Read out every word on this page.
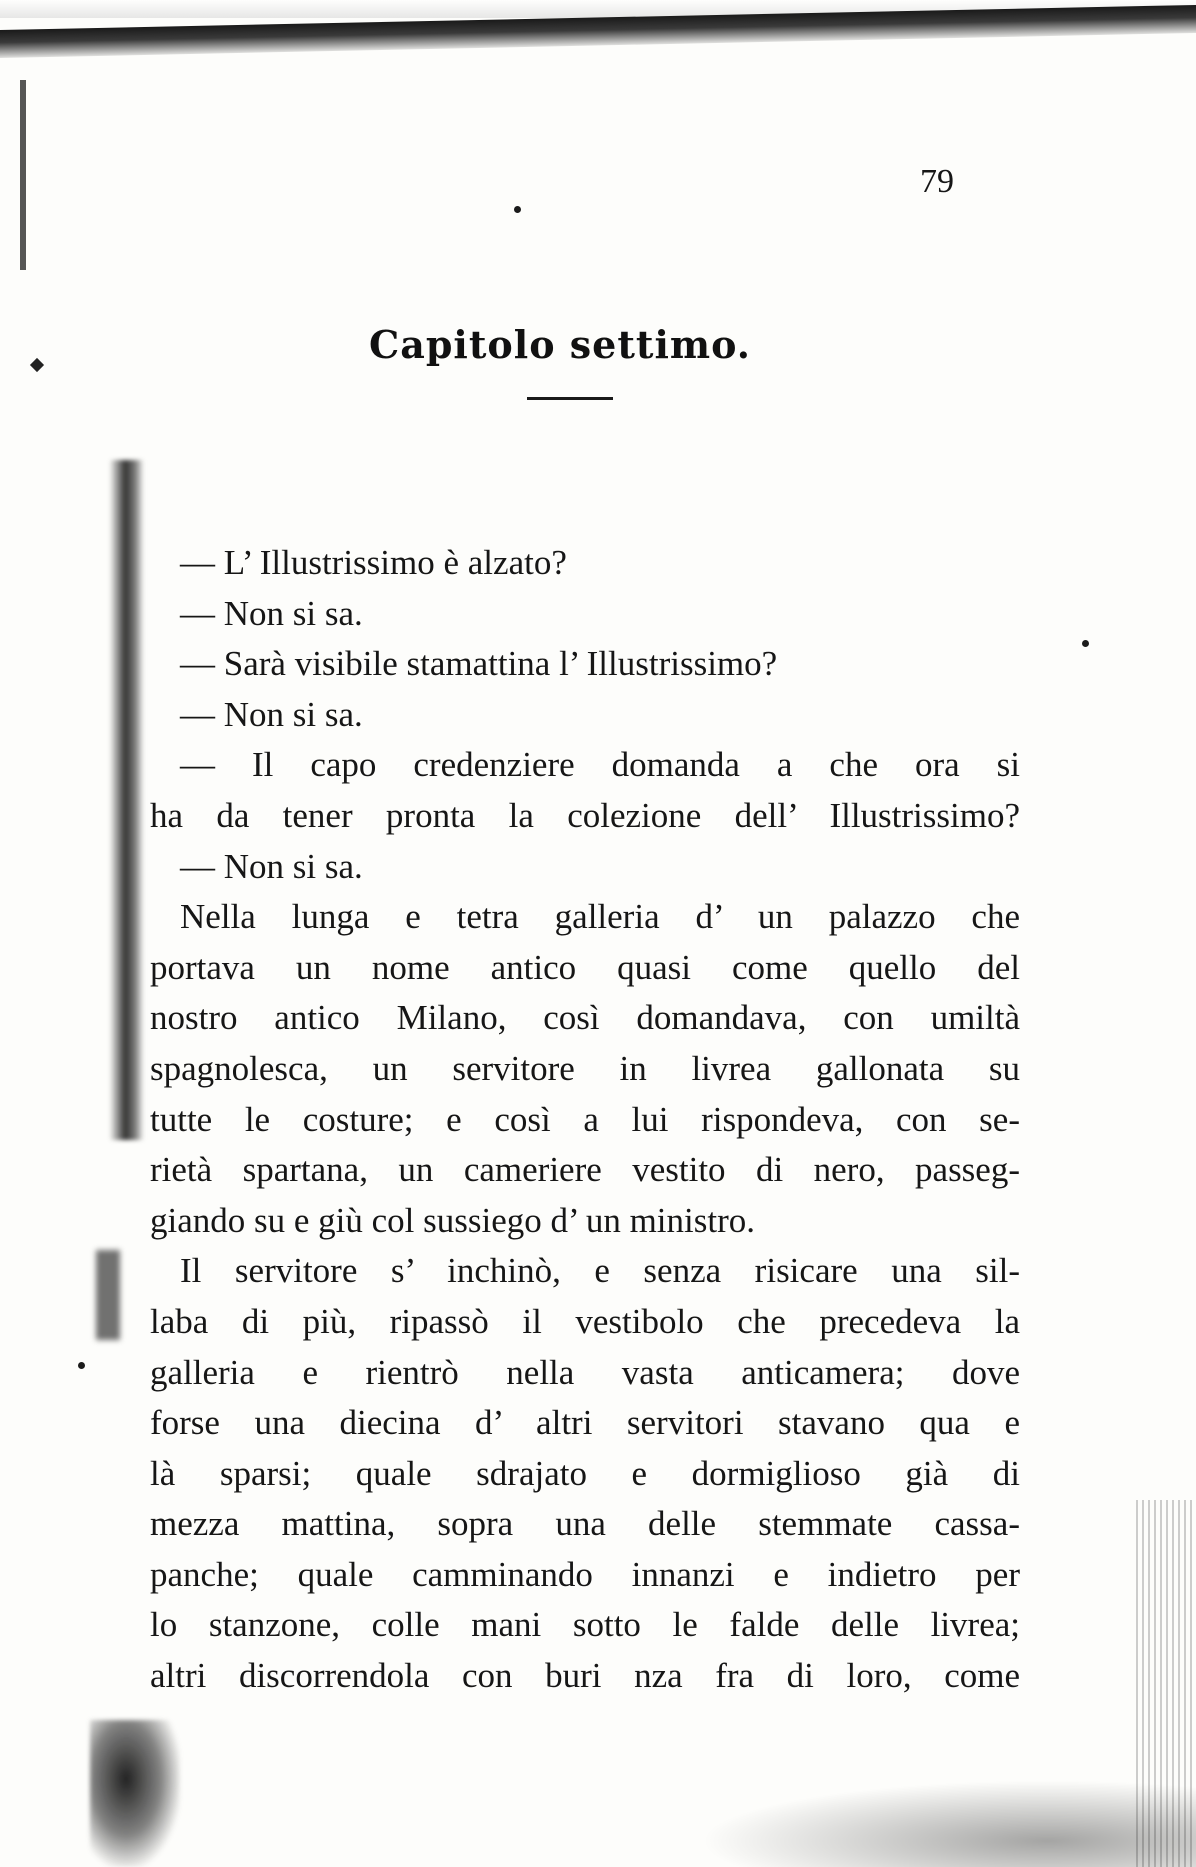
79
Capitolo settimo.
— L’ Illustrissimo è alzato?
— Non si sa.
— Sarà visibile stamattina l’ Illustrissimo?
— Non si sa.
— Il capo credenziere domanda a che ora si
ha da tener pronta la colezione dell’ Illustrissimo?
— Non si sa.
Nella lunga e tetra galleria d’ un palazzo che
portava un nome antico quasi come quello del
nostro antico Milano, così domandava, con umiltà
spagnolesca, un servitore in livrea gallonata su
tutte le costure; e così a lui rispondeva, con se-
rietà spartana, un cameriere vestito di nero, passeg-
giando su e giù col sussiego d’ un ministro.
Il servitore s’ inchinò, e senza risicare una sil-
laba di più, ripassò il vestibolo che precedeva la
galleria e rientrò nella vasta anticamera; dove
forse una diecina d’ altri servitori stavano qua e
là sparsi; quale sdrajato e dormiglioso già di
mezza mattina, sopra una delle stemmate cassa-
panche; quale camminando innanzi e indietro per
lo stanzone, colle mani sotto le falde delle livrea;
altri discorrendola con buri nza fra di loro, come
